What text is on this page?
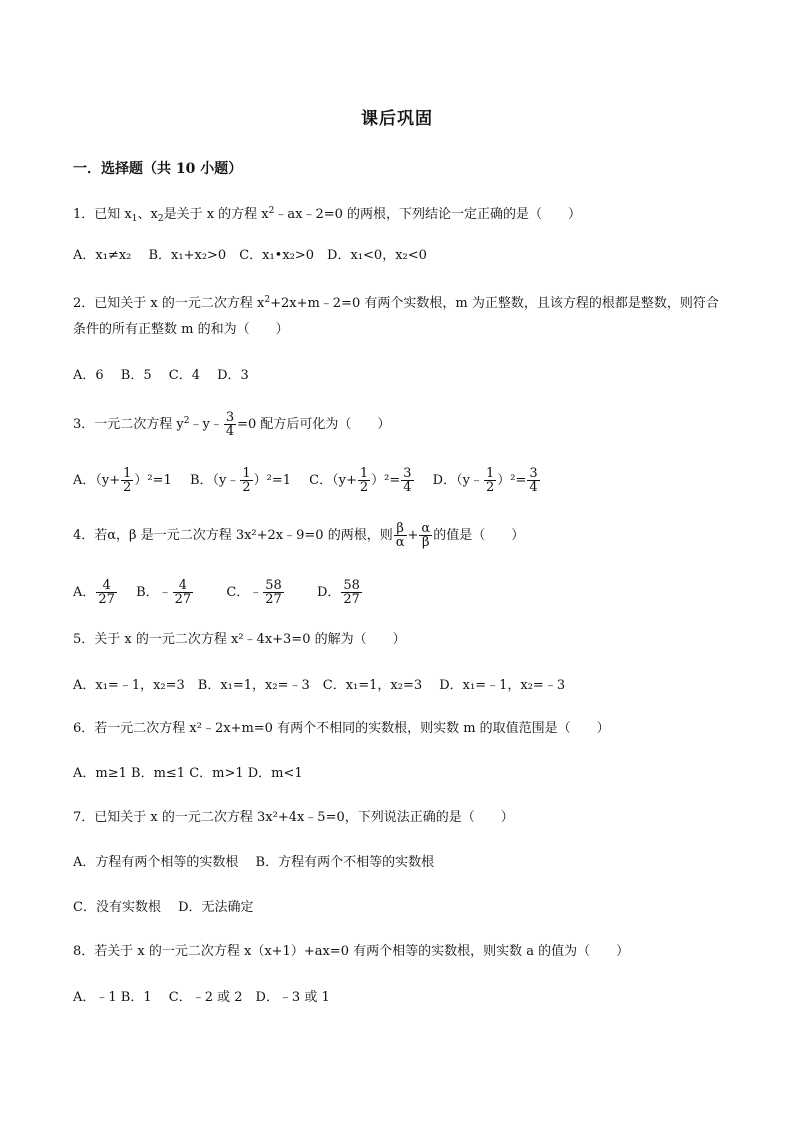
课后巩固
一．选择题（共 10 小题）
1．已知 $x_1$、$x_2$是关于 x 的方程 $x^2﹣ax﹣2=0$ 的两根，下列结论一定正确的是（　　）
A．x₁≠x₂　 B．x₁+x₂>0　C．x₁•x₂>0　D．x₁<0，x₂<0
2．已知关于 x 的一元二次方程 $x^2+2x+m﹣2=0$ 有两个实数根，m 为正整数，且该方程的根都是整数，则符合
条件的所有正整数 m 的和为（　　）
A．6　 B．5　 C．4　 D．3
3．一元二次方程 $y^2﹣y﹣ \frac{3}{4} =0$ 配方后可化为（　　）
A．$(y+ \frac{1}{2} )^2=1$ B．（y﹣ $\frac{1}{2} )^2=1$ C．$(y+ \frac{1}{2} )^2= \frac{3}{4}$ D．（y﹣ $\frac{1}{2} )^2= \frac{3}{4}$
4．若α，β 是一元二次方程 3x²+2x﹣9=0 的两根，则 $\frac{\beta}{\alpha} + \frac{\alpha}{\beta}$ 的值是（　　）
A． $\frac{4}{27}$ B．﹣ $\frac{4}{27}$	C．﹣ $\frac{58}{27}$	D． $\frac{58}{27}$
5．关于 x 的一元二次方程 x²﹣4x+3=0 的解为（　　）
A．x₁=﹣1，x₂=3　B．x₁=1，x₂=﹣3　C．x₁=1，x₂=3　 D．x₁=﹣1，x₂=﹣3
6．若一元二次方程 x²﹣2x+m=0 有两个不相同的实数根，则实数 m 的取值范围是（　　）
A．m≥1 B．m≤1 C．m>1 D．m<1
7．已知关于 x 的一元二次方程 3x²+4x﹣5=0，下列说法正确的是（　　）
A．方程有两个相等的实数根　 B．方程有两个不相等的实数根
C．没有实数根　 D．无法确定
8．若关于 x 的一元二次方程 x（x+1）+ax=0 有两个相等的实数根，则实数 a 的值为（　　）
A．﹣1 B．1　 C．﹣2 或 2　D．﹣3 或 1
